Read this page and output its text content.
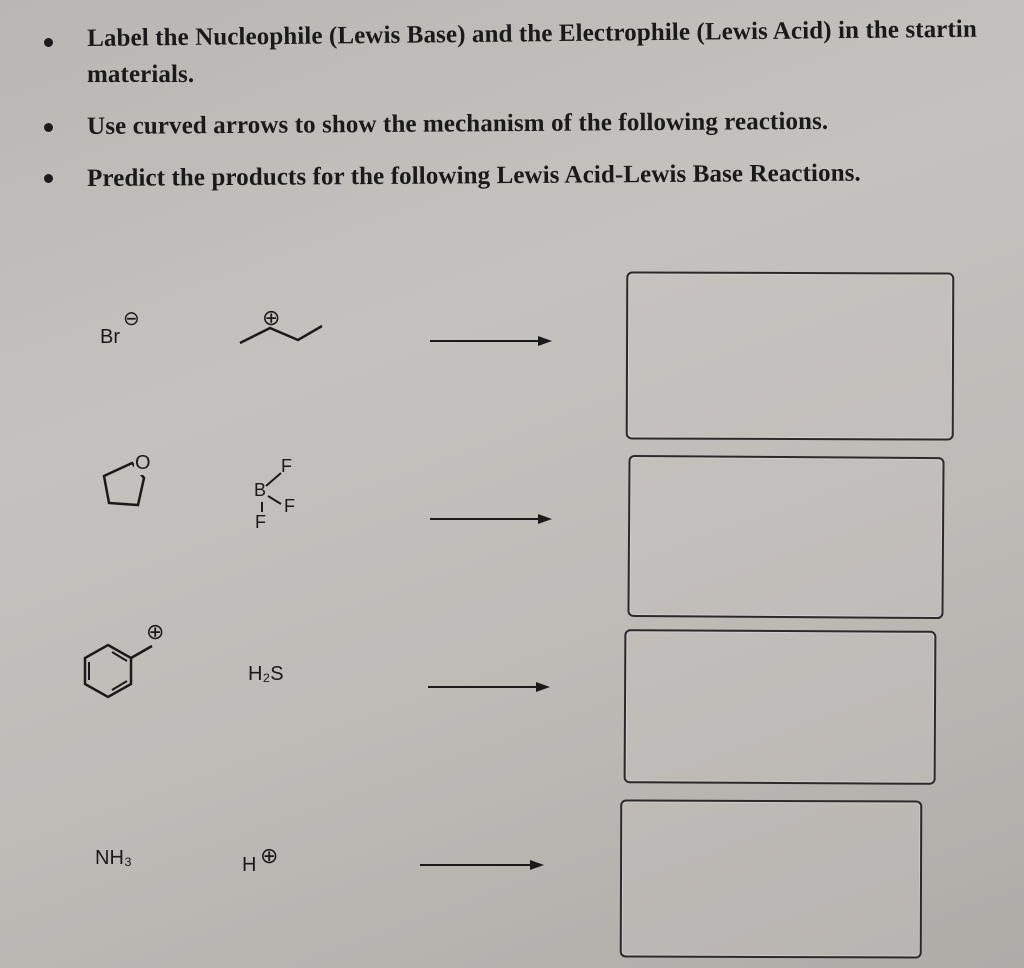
​
Label the Nucleophile (Lewis Base) and the Electrophile (Lewis Acid) in the startin
materials.
Use curved arrows to show the mechanism of the following reactions.
Predict the products for the following Lewis Acid-Lewis Base Reactions.
Br
⊖	⊕
O
B
F
F
F
⊕
H₂S
NH₃	H ⊕
